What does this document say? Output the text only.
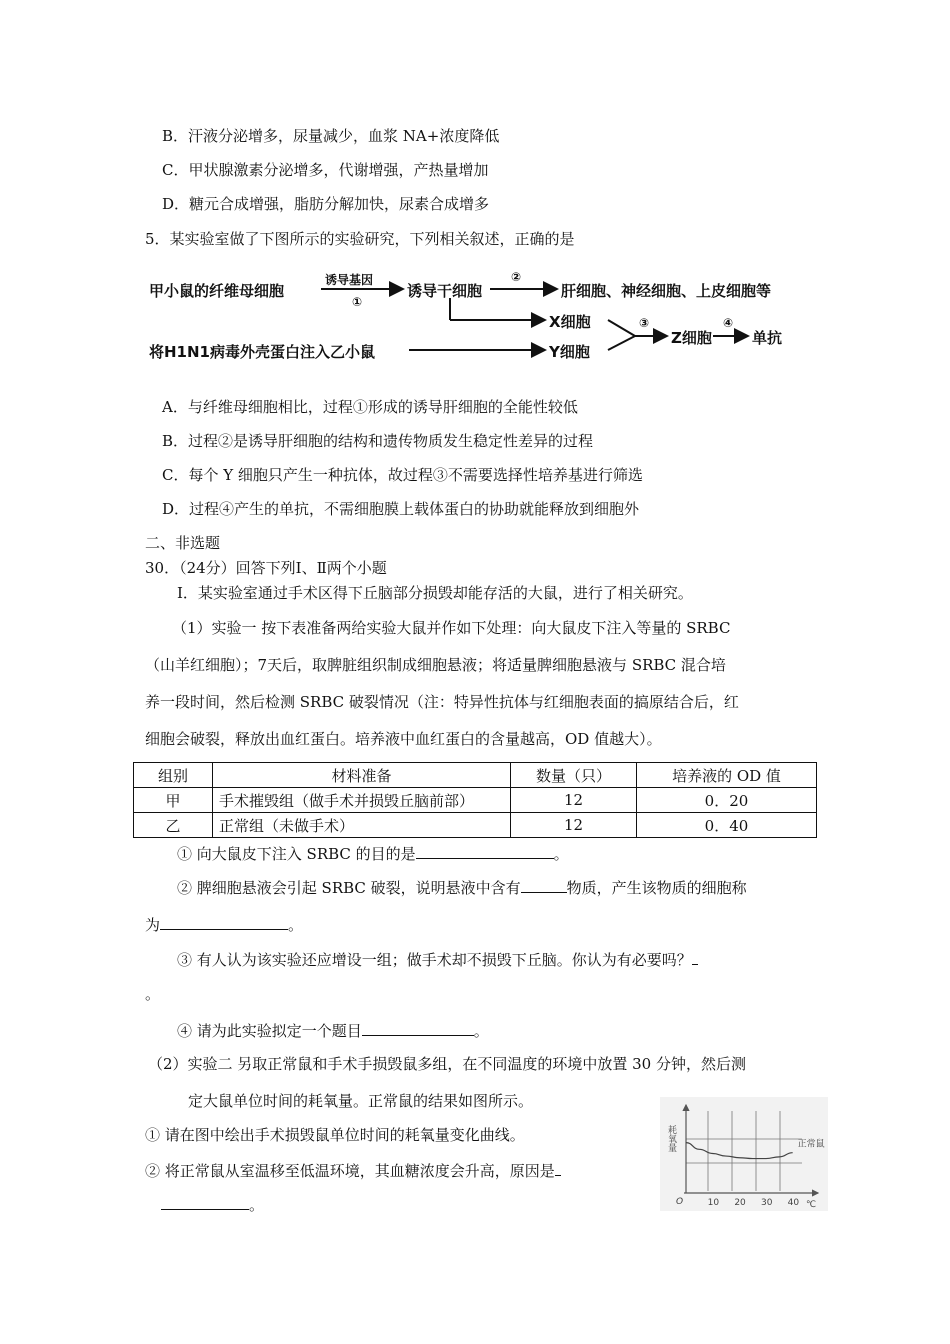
B．汗液分泌增多，尿量减少，血浆 NA+浓度降低
C．甲状腺激素分泌增多，代谢增强，产热量增加
D．糖元合成增强，脂肪分解加快，尿素合成增多
5．某实验室做了下图所示的实验研究，下列相关叙述，正确的是
甲小鼠的纤维母细胞
诱导基因
①
诱导干细胞
②
肝细胞、神经细胞、上皮细胞等
X细胞
将H1N1病毒外壳蛋白注入乙小鼠	Y细胞
③
Z细胞
④
单抗
A．与纤维母细胞相比，过程①形成的诱导肝细胞的全能性较低
B．过程②是诱导肝细胞的结构和遗传物质发生稳定性差异的过程
C．每个 Y 细胞只产生一种抗体，故过程③不需要选择性培养基进行筛选
D．过程④产生的单抗，不需细胞膜上载体蛋白的协助就能释放到细胞外
二、非选题
30．（24分）回答下列Ⅰ、Ⅱ两个小题
I．某实验室通过手术区得下丘脑部分损毁却能存活的大鼠，进行了相关研究。
（1）实验一 按下表准备两给实验大鼠并作如下处理：向大鼠皮下注入等量的 SRBC
（山羊红细胞）；7天后，取脾脏组织制成细胞悬液；将适量脾细胞悬液与 SRBC 混合培
养一段时间，然后检测 SRBC 破裂情况（注：特异性抗体与红细胞表面的搞原结合后，红
细胞会破裂，释放出血红蛋白。培养液中血红蛋白的含量越高，OD 值越大）。
组别	材料准备	数量（只）	培养液的 OD 值
甲	手术摧毁组（做手术并损毁丘脑前部）	12	0．20
乙	正常组（未做手术）	12	0．40
① 向大鼠皮下注入 SRBC 的目的是	。
② 脾细胞悬液会引起 SRBC 破裂，说明悬液中含有	物质，产生该物质的细胞称
为	。
③ 有人认为该实验还应增设一组；做手术却不损毁下丘脑。你认为有必要吗？
。
④ 请为此实验拟定一个题目	。
（2）实验二 另取正常鼠和手术手损毁鼠多组，在不同温度的环境中放置 30 分钟，然后测
定大鼠单位时间的耗氧量。正常鼠的结果如图所示。
① 请在图中绘出手术损毁鼠单位时间的耗氧量变化曲线。
② 将正常鼠从室温移至低温环境，其血糖浓度会升高，原因是
。
耗氧量
O	℃
10 20 30 40
正常鼠
